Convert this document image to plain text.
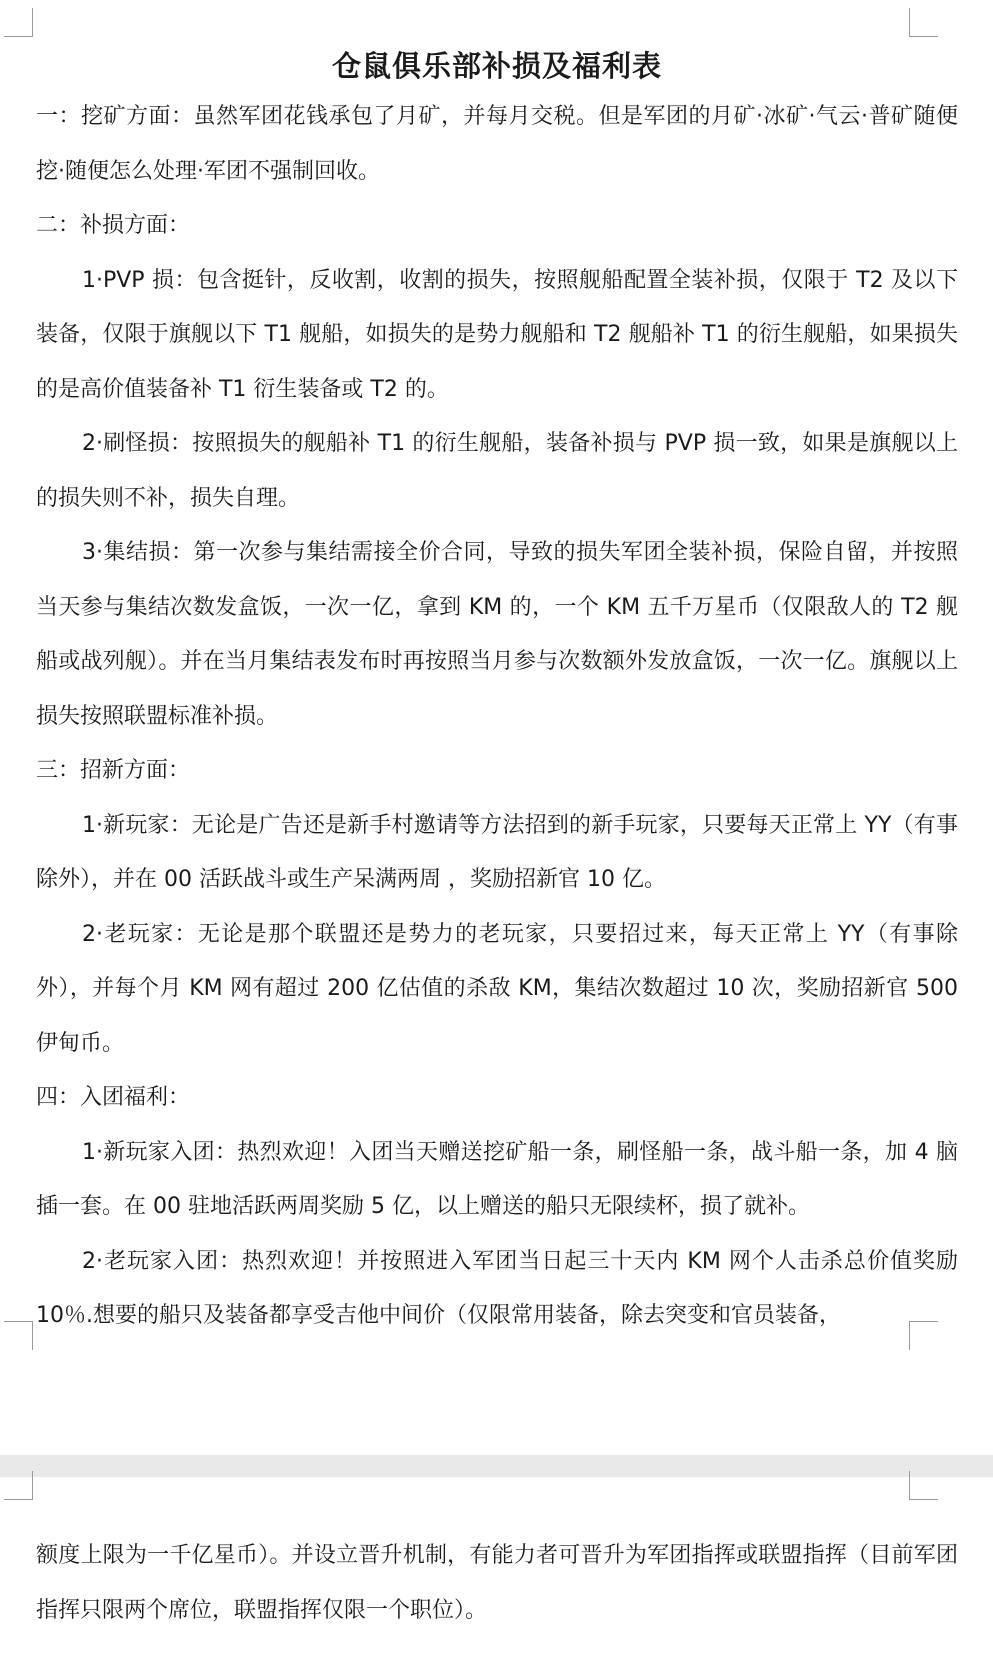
仓鼠俱乐部补损及福利表

一：挖矿方面：虽然军团花钱承包了月矿，并每月交税。但是军团的月矿·冰矿·气云·普矿随便挖·随便怎么处理·军团不强制回收。

二：补损方面：

1·PVP 损：包含挺针，反收割，收割的损失，按照舰船配置全装补损，仅限于 T2 及以下装备，仅限于旗舰以下 T1 舰船，如损失的是势力舰船和 T2 舰船补 T1 的衍生舰船，如果损失的是高价值装备补 T1 衍生装备或 T2 的。

2·刷怪损：按照损失的舰船补 T1 的衍生舰船，装备补损与 PVP 损一致，如果是旗舰以上的损失则不补，损失自理。

3·集结损：第一次参与集结需接全价合同，导致的损失军团全装补损，保险自留，并按照当天参与集结次数发盒饭，一次一亿，拿到 KM 的，一个 KM 五千万星币（仅限敌人的 T2 舰船或战列舰）。并在当月集结表发布时再按照当月参与次数额外发放盒饭，一次一亿。旗舰以上损失按照联盟标准补损。

三：招新方面：

1·新玩家：无论是广告还是新手村邀请等方法招到的新手玩家，只要每天正常上 YY（有事除外），并在 00 活跃战斗或生产呆满两周 ，奖励招新官 10 亿。

2·老玩家：无论是那个联盟还是势力的老玩家，只要招过来，每天正常上 YY（有事除外），并每个月 KM 网有超过 200 亿估值的杀敌 KM，集结次数超过 10 次，奖励招新官 500 伊甸币。

四：入团福利：

1·新玩家入团：热烈欢迎！入团当天赠送挖矿船一条，刷怪船一条，战斗船一条，加 4 脑插一套。在 00 驻地活跃两周奖励 5 亿，以上赠送的船只无限续杯，损了就补。

2·老玩家入团：热烈欢迎！并按照进入军团当日起三十天内 KM 网个人击杀总价值奖励 10％.想要的船只及装备都享受吉他中间价（仅限常用装备，除去突变和官员装备，

额度上限为一千亿星币）。并设立晋升机制，有能力者可晋升为军团指挥或联盟指挥（目前军团指挥只限两个席位，联盟指挥仅限一个职位）。
